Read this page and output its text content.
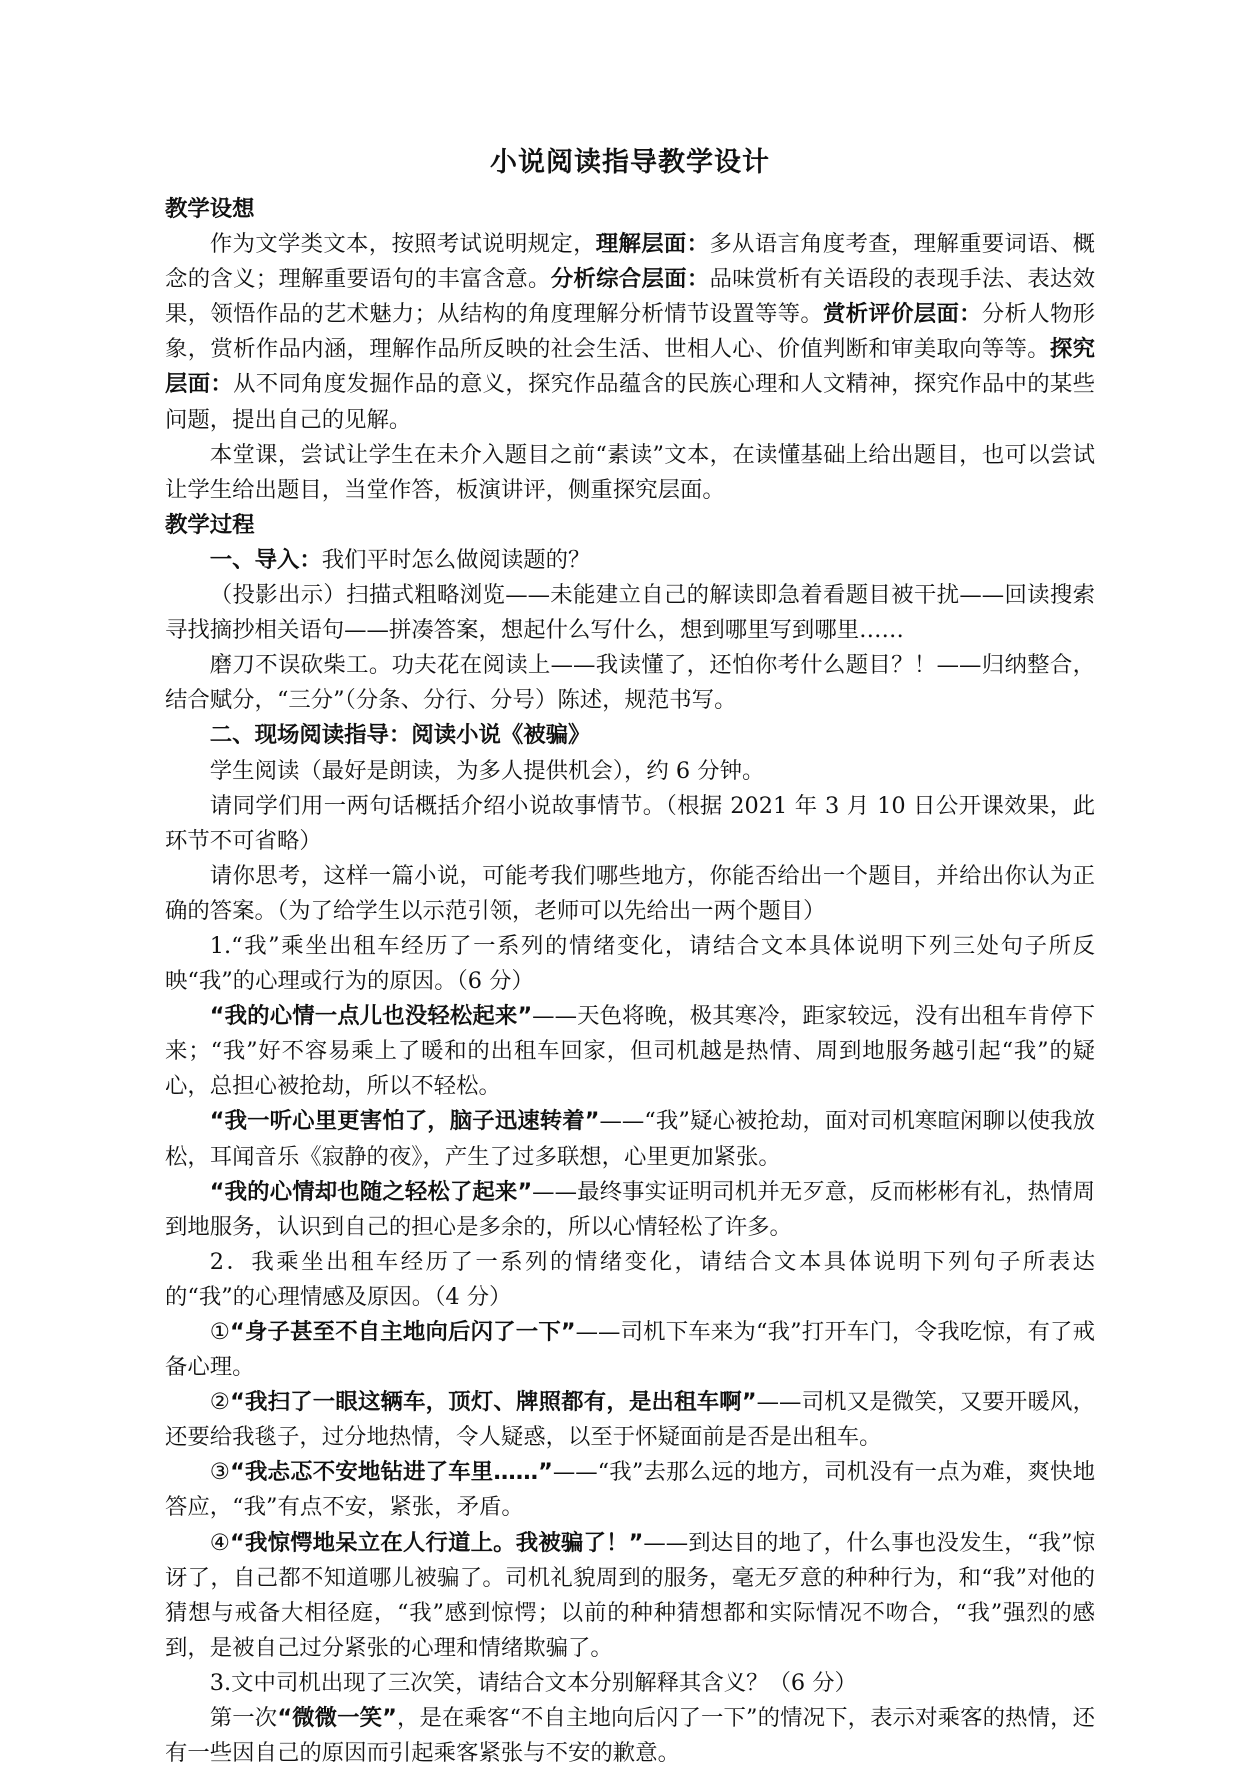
小说阅读指导教学设计

教学设想

作为文学类文本，按照考试说明规定，理解层面：多从语言角度考查，理解重要词语、概念的含义；理解重要语句的丰富含意。分析综合层面：品味赏析有关语段的表现手法、表达效果，领悟作品的艺术魅力；从结构的角度理解分析情节设置等等。赏析评价层面：分析人物形象，赏析作品内涵，理解作品所反映的社会生活、世相人心、价值判断和审美取向等等。探究层面：从不同角度发掘作品的意义，探究作品蕴含的民族心理和人文精神，探究作品中的某些问题，提出自己的见解。

本堂课，尝试让学生在未介入题目之前“素读”文本，在读懂基础上给出题目，也可以尝试让学生给出题目，当堂作答，板演讲评，侧重探究层面。

教学过程

一、导入：我们平时怎么做阅读题的？

（投影出示）扫描式粗略浏览——未能建立自己的解读即急着看题目被干扰——回读搜索寻找摘抄相关语句——拼凑答案，想起什么写什么，想到哪里写到哪里……

磨刀不误砍柴工。功夫花在阅读上——我读懂了，还怕你考什么题目？！——归纳整合，结合赋分，“三分”（分条、分行、分号）陈述，规范书写。

二、现场阅读指导：阅读小说《被骗》

学生阅读（最好是朗读，为多人提供机会），约 6 分钟。

请同学们用一两句话概括介绍小说故事情节。（根据 2021 年 3 月 10 日公开课效果，此环节不可省略）

请你思考，这样一篇小说，可能考我们哪些地方，你能否给出一个题目，并给出你认为正确的答案。（为了给学生以示范引领，老师可以先给出一两个题目）

1.“我”乘坐出租车经历了一系列的情绪变化，请结合文本具体说明下列三处句子所反映“我”的心理或行为的原因。（6 分）

“我的心情一点儿也没轻松起来”——天色将晚，极其寒冷，距家较远，没有出租车肯停下来；“我”好不容易乘上了暖和的出租车回家，但司机越是热情、周到地服务越引起“我”的疑心，总担心被抢劫，所以不轻松。

“我一听心里更害怕了，脑子迅速转着”——“我”疑心被抢劫，面对司机寒暄闲聊以使我放松，耳闻音乐《寂静的夜》，产生了过多联想，心里更加紧张。

“我的心情却也随之轻松了起来”——最终事实证明司机并无歹意，反而彬彬有礼，热情周到地服务，认识到自己的担心是多余的，所以心情轻松了许多。

2．我乘坐出租车经历了一系列的情绪变化，请结合文本具体说明下列句子所表达的“我”的心理情感及原因。（4 分）

①“身子甚至不自主地向后闪了一下”——司机下车来为“我”打开车门，令我吃惊，有了戒备心理。

②“我扫了一眼这辆车，顶灯、牌照都有，是出租车啊”——司机又是微笑，又要开暖风，还要给我毯子，过分地热情，令人疑惑，以至于怀疑面前是否是出租车。

③“我忐忑不安地钻进了车里……”——“我”去那么远的地方，司机没有一点为难，爽快地答应，“我”有点不安，紧张，矛盾。

④“我惊愕地呆立在人行道上。我被骗了！”——到达目的地了，什么事也没发生，“我”惊讶了，自己都不知道哪儿被骗了。司机礼貌周到的服务，毫无歹意的种种行为，和“我”对他的猜想与戒备大相径庭，“我”感到惊愕；以前的种种猜想都和实际情况不吻合，“我”强烈的感到，是被自己过分紧张的心理和情绪欺骗了。

3.文中司机出现了三次笑，请结合文本分别解释其含义？（6 分）

第一次“微微一笑”，是在乘客“不自主地向后闪了一下”的情况下，表示对乘客的热情，还有一些因自己的原因而引起乘客紧张与不安的歉意。
